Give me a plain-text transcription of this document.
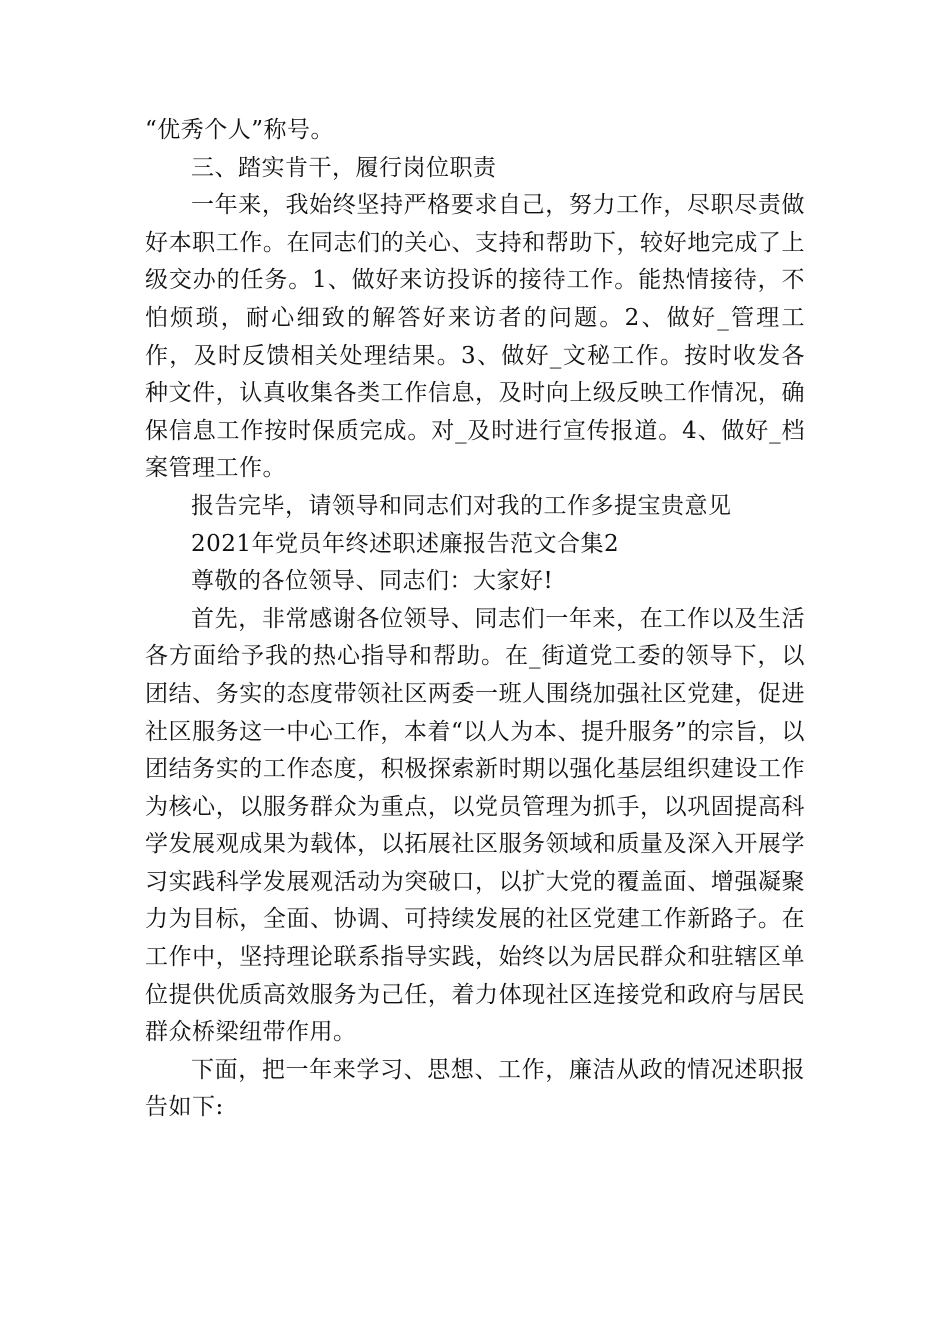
“优秀个人”称号。

三、踏实肯干，履行岗位职责

一年来，我始终坚持严格要求自己，努力工作，尽职尽责做好本职工作。在同志们的关心、支持和帮助下，较好地完成了上级交办的任务。1、做好来访投诉的接待工作。能热情接待，不怕烦琐，耐心细致的解答好来访者的问题。2、做好_管理工作，及时反馈相关处理结果。3、做好_文秘工作。按时收发各种文件，认真收集各类工作信息，及时向上级反映工作情况，确保信息工作按时保质完成。对_及时进行宣传报道。4、做好_档案管理工作。

报告完毕，请领导和同志们对我的工作多提宝贵意见

2021年党员年终述职述廉报告范文合集2

尊敬的各位领导、同志们：大家好!

首先，非常感谢各位领导、同志们一年来，在工作以及生活各方面给予我的热心指导和帮助。在_街道党工委的领导下，以团结、务实的态度带领社区两委一班人围绕加强社区党建，促进社区服务这一中心工作，本着“以人为本、提升服务”的宗旨，以团结务实的工作态度，积极探索新时期以强化基层组织建设工作为核心，以服务群众为重点，以党员管理为抓手，以巩固提高科学发展观成果为载体，以拓展社区服务领域和质量及深入开展学习实践科学发展观活动为突破口，以扩大党的覆盖面、增强凝聚力为目标，全面、协调、可持续发展的社区党建工作新路子。在工作中，坚持理论联系指导实践，始终以为居民群众和驻辖区单位提供优质高效服务为己任，着力体现社区连接党和政府与居民群众桥梁纽带作用。

下面，把一年来学习、思想、工作，廉洁从政的情况述职报告如下:
